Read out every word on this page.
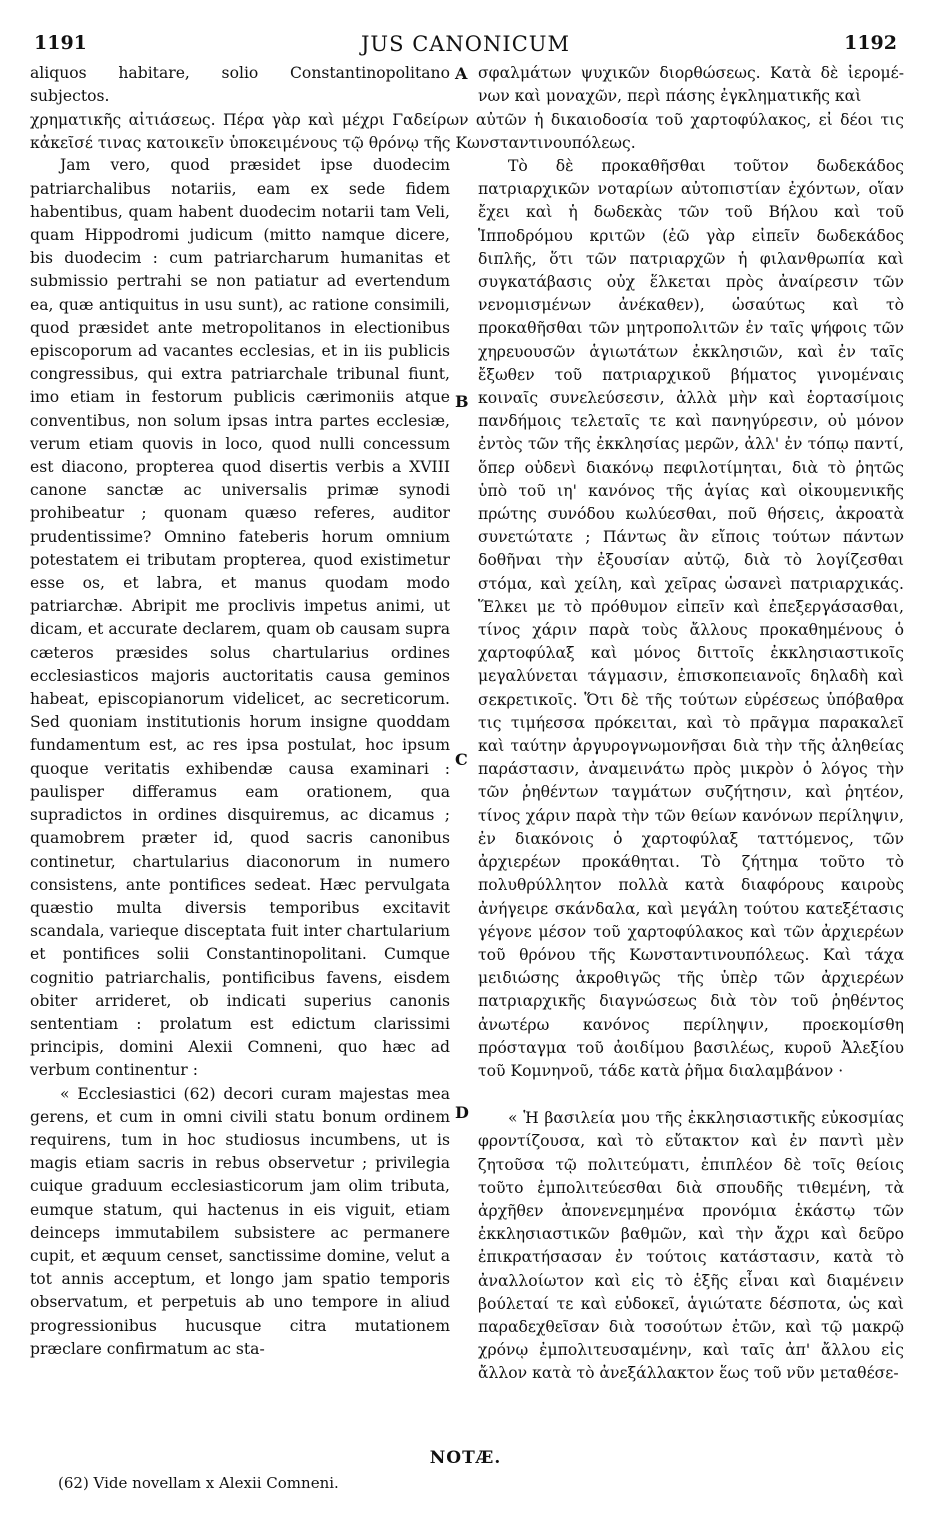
1191	JUS CANONICUM	1192

aliquos habitare, solio Constantinopolitano subjectos.

Jam vero, quod præsidet ipse duodecim patriarchalibus notariis, eam ex sede fidem habentibus, quam habent duodecim notarii tam Veli, quam Hippodromi judicum (mitto namque dicere, bis duodecim : cum patriarcharum humanitas et submissio pertrahi se non patiatur ad evertendum ea, quæ antiquitus in usu sunt), ac ratione consimili, quod præsidet ante metropolitanos in electionibus episcoporum ad vacantes ecclesias, et in iis publicis congressibus, qui extra patriarchale tribunal fiunt, imo etiam in festorum publicis cærimoniis atque conventibus, non solum ipsas intra partes ecclesiæ, verum etiam quovis in loco, quod nulli concessum est diacono, propterea quod disertis verbis a XVIII canone sanctæ ac universalis primæ synodi prohibeatur ; quonam quæso referes, auditor prudentissime? Omnino fateberis horum omnium potestatem ei tributam propterea, quod existimetur esse os, et labra, et manus quodam modo patriarchæ. Abripit me proclivis impetus animi, ut dicam, et accurate declarem, quam ob causam supra cæteros præsides solus chartularius ordines ecclesiasticos majoris auctoritatis causa geminos habeat, episcopianorum videlicet, ac secreticorum. Sed quoniam institutionis horum insigne quoddam fundamentum est, ac res ipsa postulat, hoc ipsum quoque veritatis exhibendæ causa examinari : paulisper differamus eam orationem, qua supradictos in ordines disquiremus, ac dicamus ; quamobrem præter id, quod sacris canonibus continetur, chartularius diaconorum in numero consistens, ante pontifices sedeat. Hæc pervulgata quæstio multa diversis temporibus excitavit scandala, varieque disceptata fuit inter chartularium et pontifices solii Constantinopolitani. Cumque cognitio patriarchalis, pontificibus favens, eisdem obiter arrideret, ob indicati superius canonis sententiam : prolatum est edictum clarissimi principis, domini Alexii Comneni, quo hæc ad verbum continentur :

« Ecclesiastici (62) decori curam majestas mea gerens, et cum in omni civili statu bonum ordinem requirens, tum in hoc studiosus incumbens, ut is magis etiam sacris in rebus observetur ; privilegia cuique graduum ecclesiasticorum jam olim tributa, eumque statum, qui hactenus in eis viguit, etiam deinceps immutabilem subsistere ac permanere cupit, et æquum censet, sanctissime domine, velut a tot annis acceptum, et longo jam spatio temporis observatum, et perpetuis ab uno tempore in aliud progressionibus hucusque citra mutationem præclare confirmatum ac sta-

A
B
C
D

σφαλμάτων ψυχικῶν διορθώσεως. Κατὰ δὲ ἱερομένων καὶ μοναχῶν, περὶ πάσης ἐγκληματικῆς καὶ

χρηματικῆς αἰτιάσεως. Πέρα γὰρ καὶ μέχρι Γαδείρων αὐτῶν ἡ δικαιοδοσία τοῦ χαρτοφύλακος, εἰ δέοι τις κἀκεῖσέ τινας κατοικεῖν ὑποκειμένους τῷ θρόνῳ τῆς Κωνσταντινουπόλεως.

Τὸ δὲ προκαθῆσθαι τοῦτον δωδεκάδος πατριαρχικῶν νοταρίων αὐτοπιστίαν ἐχόντων, οἵαν ἔχει καὶ ἡ δωδεκὰς τῶν τοῦ Βήλου καὶ τοῦ Ἱπποδρόμου κριτῶν (ἐῶ γὰρ εἰπεῖν δωδεκάδος διπλῆς, ὅτι τῶν πατριαρχῶν ἡ φιλανθρωπία καὶ συγκατάβασις οὐχ ἕλκεται πρὸς ἀναίρεσιν τῶν νενομισμένων ἀνέκαθεν), ὡσαύτως καὶ τὸ προκαθῆσθαι τῶν μητροπολιτῶν ἐν ταῖς ψήφοις τῶν χηρευουσῶν ἁγιωτάτων ἐκκλησιῶν, καὶ ἐν ταῖς ἔξωθεν τοῦ πατριαρχικοῦ βήματος γινομέναις κοιναῖς συνελεύσεσιν, ἀλλὰ μὴν καὶ ἑορτασίμοις πανδήμοις τελεταῖς τε καὶ πανηγύρεσιν, οὐ μόνον ἐντὸς τῶν τῆς ἐκκλησίας μερῶν, ἀλλ' ἐν τόπῳ παντί, ὅπερ οὐδενὶ διακόνῳ πεφιλοτίμηται, διὰ τὸ ῥητῶς ὑπὸ τοῦ ιη' κανόνος τῆς ἁγίας καὶ οἰκουμενικῆς πρώτης συνόδου κωλύεσθαι, ποῦ θήσεις, ἀκροατὰ συνετώτατε ; Πάντως ἂν εἴποις τούτων πάντων δοθῆναι τὴν ἐξουσίαν αὐτῷ, διὰ τὸ λογίζεσθαι στόμα, καὶ χείλη, καὶ χεῖρας ὡσανεὶ πατριαρχικάς. Ἕλκει με τὸ πρόθυμον εἰπεῖν καὶ ἐπεξεργάσασθαι, τίνος χάριν παρὰ τοὺς ἄλλους προκαθημένους ὁ χαρτοφύλαξ καὶ μόνος διττοῖς ἐκκλησιαστικοῖς μεγαλύνεται τάγμασιν, ἐπισκοπειανοῖς δηλαδὴ καὶ σεκρετικοῖς. Ὅτι δὲ τῆς τούτων εὑρέσεως ὑπόβαθρα τις τιμήεσσα πρόκειται, καὶ τὸ πρᾶγμα παρακαλεῖ καὶ ταύτην ἀργυρογνωμονῆσαι διὰ τὴν τῆς ἀληθείας παράστασιν, ἀναμεινάτω πρὸς μικρὸν ὁ λόγος τὴν τῶν ῥηθέντων ταγμάτων συζήτησιν, καὶ ῥητέον, τίνος χάριν παρὰ τὴν τῶν θείων κανόνων περίληψιν, ἐν διακόνοις ὁ χαρτοφύλαξ ταττόμενος, τῶν ἀρχιερέων προκάθηται. Τὸ ζήτημα τοῦτο τὸ πολυθρύλλητον πολλὰ κατὰ διαφόρους καιροὺς ἀνήγειρε σκάνδαλα, καὶ μεγάλη τούτου κατεξέτασις γέγονε μέσον τοῦ χαρτοφύλακος καὶ τῶν ἀρχιερέων τοῦ θρόνου τῆς Κωνσταντινουπόλεως. Καὶ τάχα μειδιώσης ἀκροθιγῶς τῆς ὑπὲρ τῶν ἀρχιερέων πατριαρχικῆς διαγνώσεως διὰ τὸν τοῦ ῥηθέντος ἀνωτέρω κανόνος περίληψιν, προεκομίσθη πρόσταγμα τοῦ ἀοιδίμου βασιλέως, κυροῦ Ἀλεξίου τοῦ Κομνηνοῦ, τάδε κατὰ ῥῆμα διαλαμβάνον ·

« Ἡ βασιλεία μου τῆς ἐκκλησιαστικῆς εὐκοσμίας φροντίζουσα, καὶ τὸ εὔτακτον καὶ ἐν παντὶ μὲν ζητοῦσα τῷ πολιτεύματι, ἐπιπλέον δὲ τοῖς θείοις τοῦτο ἐμπολιτεύεσθαι διὰ σπουδῆς τιθεμένη, τὰ ἀρχῆθεν ἀπονενεμημένα προνόμια ἑκάστῳ τῶν ἐκκλησιαστικῶν βαθμῶν, καὶ τὴν ἄχρι καὶ δεῦρο ἐπικρατήσασαν ἐν τούτοις κατάστασιν, κατὰ τὸ ἀναλλοίωτον καὶ εἰς τὸ ἑξῆς εἶναι καὶ διαμένειν βούλεταί τε καὶ εὐδοκεῖ, ἁγιώτατε δέσποτα, ὡς καὶ παραδεχθεῖσαν διὰ τοσούτων ἐτῶν, καὶ τῷ μακρῷ χρόνῳ ἐμπολιτευσαμένην, καὶ ταῖς ἀπ' ἄλλου εἰς ἄλλον κατὰ τὸ ἀνεξάλλακτον ἕως τοῦ νῦν μεταθέσε-

NOTÆ.
(62) Vide novellam x Alexii Comneni.
